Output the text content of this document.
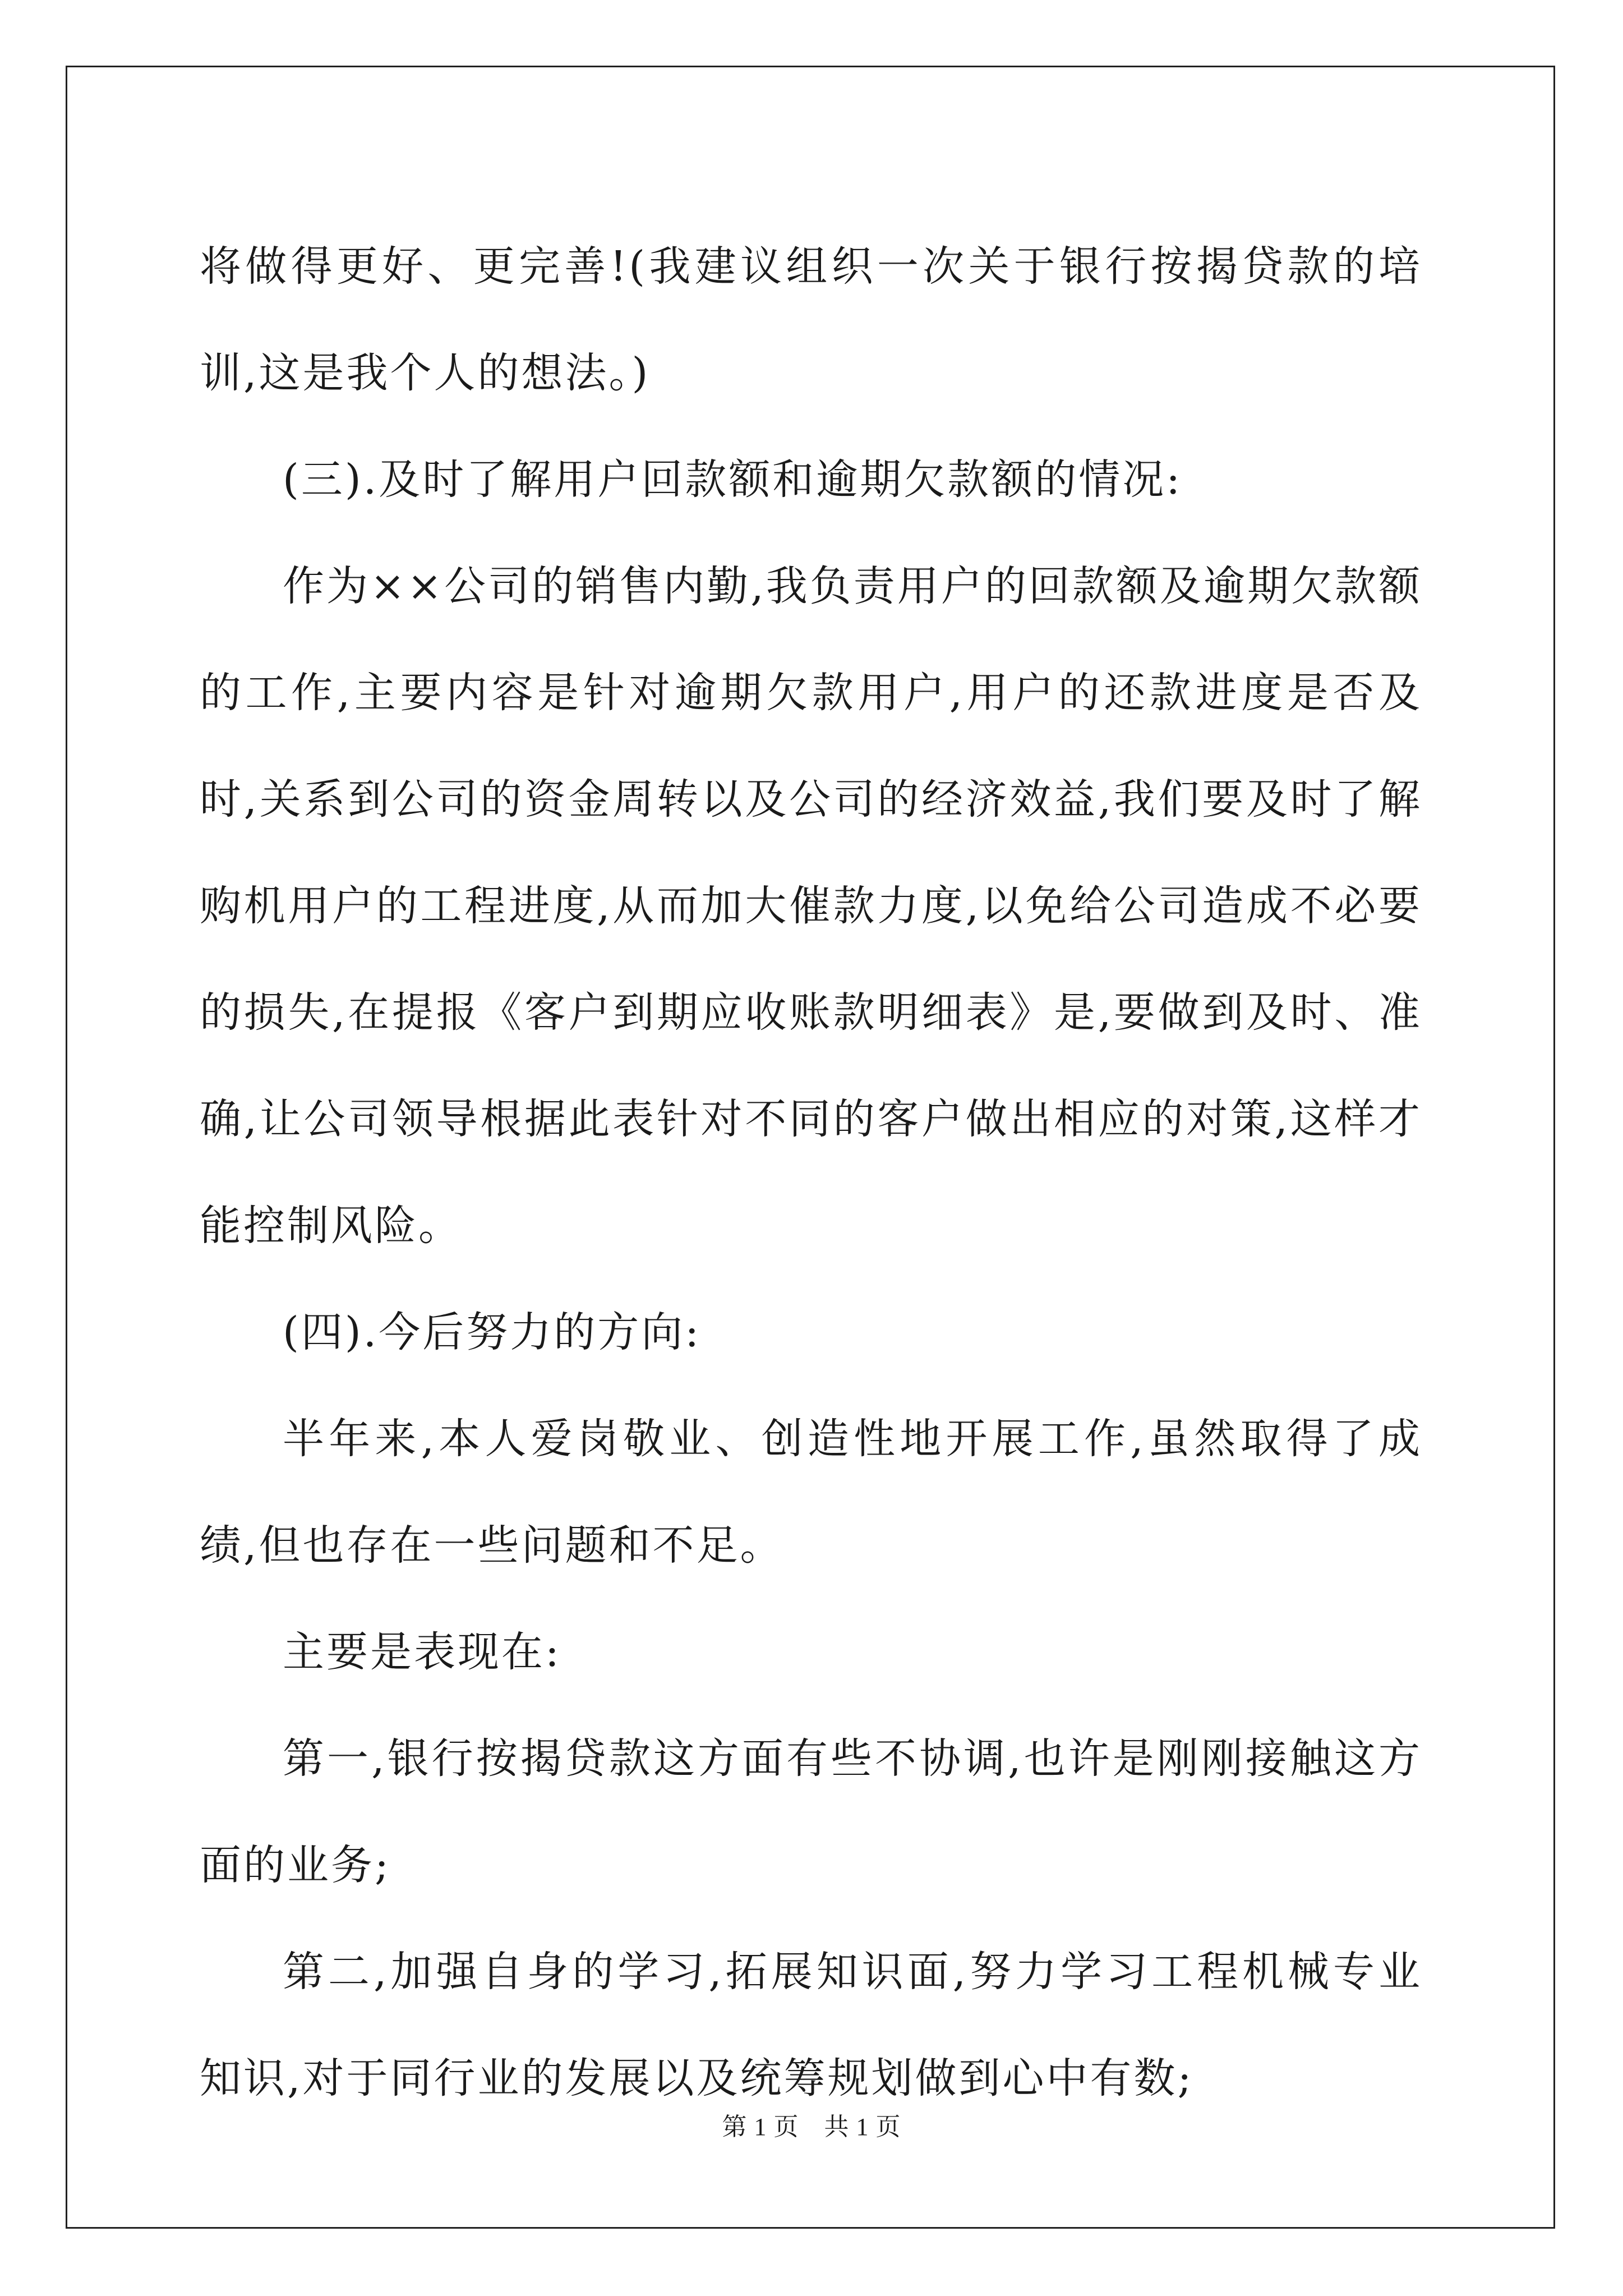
将做得更好、更完善!(我建议组织一次关于银行按揭贷款的培训,这是我个人的想法。)

(三).及时了解用户回款额和逾期欠款额的情况:

作为××公司的销售内勤,我负责用户的回款额及逾期欠款额的工作,主要内容是针对逾期欠款用户,用户的还款进度是否及时,关系到公司的资金周转以及公司的经济效益,我们要及时了解购机用户的工程进度,从而加大催款力度,以免给公司造成不必要的损失,在提报《客户到期应收账款明细表》是,要做到及时、准确,让公司领导根据此表针对不同的客户做出相应的对策,这样才能控制风险。

(四).今后努力的方向:

半年来,本人爱岗敬业、创造性地开展工作,虽然取得了成绩,但也存在一些问题和不足。

主要是表现在:

第一,银行按揭贷款这方面有些不协调,也许是刚刚接触这方面的业务;

第二,加强自身的学习,拓展知识面,努力学习工程机械专业知识,对于同行业的发展以及统筹规划做到心中有数;

第 1 页　共 1 页
